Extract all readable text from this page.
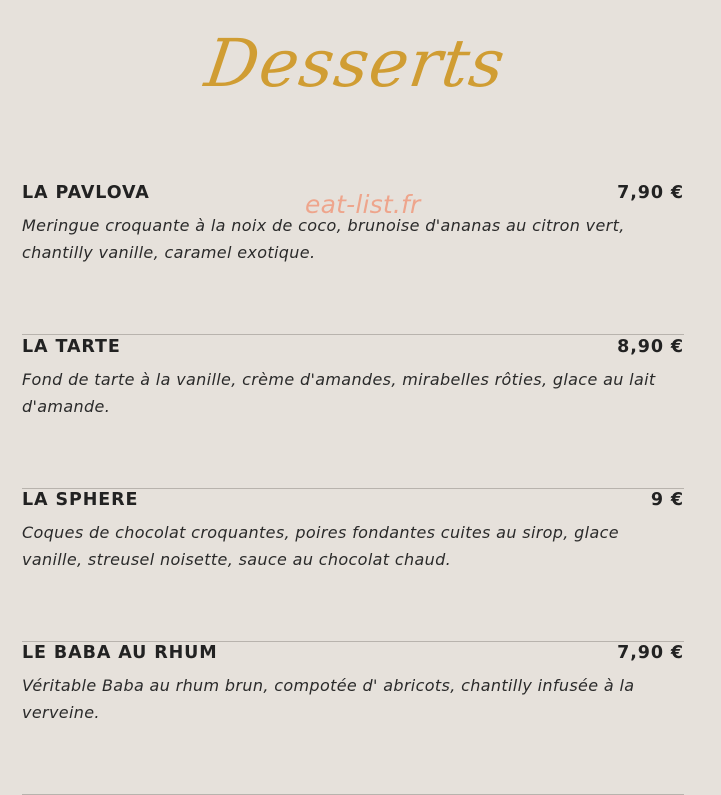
Desserts
LA PAVLOVA	7,90 €
Meringue croquante à la noix de coco, brunoise d'ananas au citron vert, chantilly vanille, caramel exotique.
LA TARTE	8,90 €
Fond de tarte à la vanille, crème d'amandes, mirabelles rôties, glace au lait d'amande.
LA SPHERE	9 €
Coques de chocolat croquantes, poires fondantes cuites au sirop, glace vanille, streusel noisette, sauce au chocolat chaud.
LE BABA AU RHUM	7,90 €
Véritable Baba au rhum brun, compotée d' abricots, chantilly infusée à la verveine.
eat-list.fr
